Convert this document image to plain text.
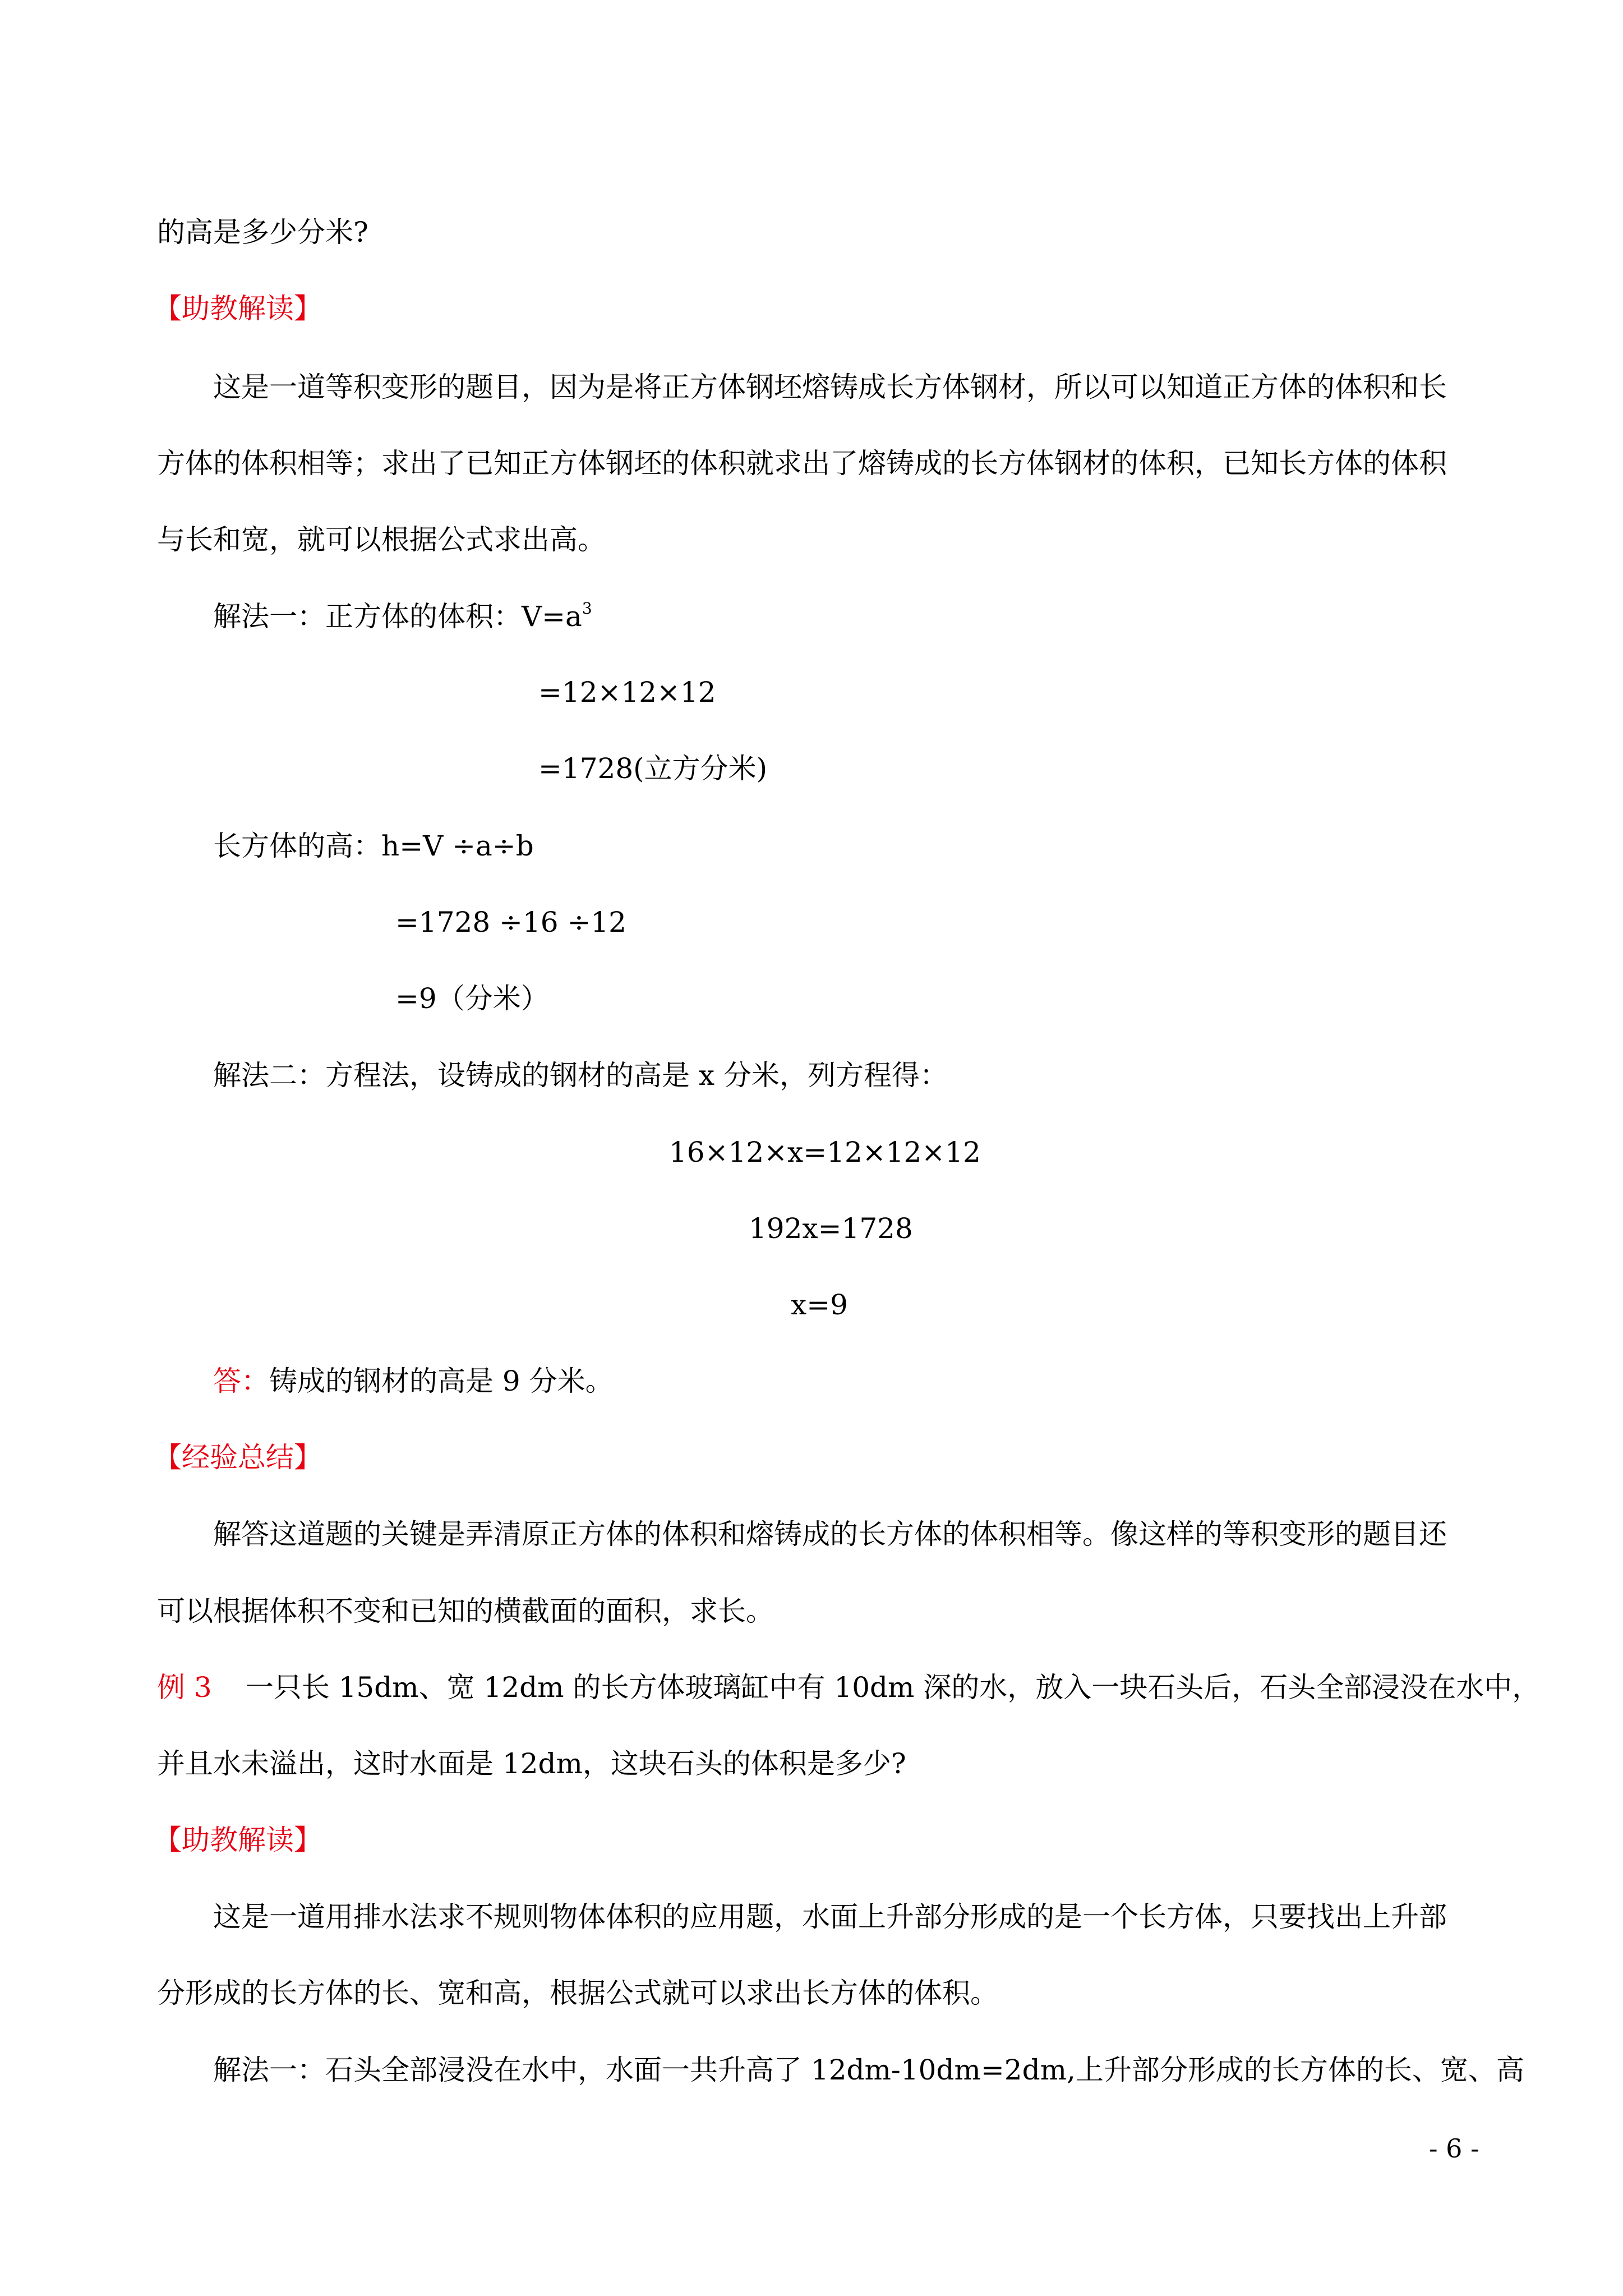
的高是多少分米?
【助教解读】
这是一道等积变形的题目，因为是将正方体钢坯熔铸成长方体钢材，所以可以知道正方体的体积和长
方体的体积相等；求出了已知正方体钢坯的体积就求出了熔铸成的长方体钢材的体积，已知长方体的体积
与长和宽，就可以根据公式求出高。
解法一：正方体的体积：$V=a^3$
=12×12×12
=1728(立方分米)
长方体的高：h=V ÷a÷b
=1728 ÷16 ÷12
=9（分米）
解法二：方程法，设铸成的钢材的高是 x 分米，列方程得：
16×12×x=12×12×12
192x=1728
x=9
答：铸成的钢材的高是 9 分米。
【经验总结】
解答这道题的关键是弄清原正方体的体积和熔铸成的长方体的体积相等。像这样的等积变形的题目还
可以根据体积不变和已知的横截面的面积，求长。
例 3 一只长 15dm、宽 12dm 的长方体玻璃缸中有 10dm 深的水，放入一块石头后，石头全部浸没在水中，
并且水未溢出，这时水面是 12dm，这块石头的体积是多少?
【助教解读】
这是一道用排水法求不规则物体体积的应用题，水面上升部分形成的是一个长方体，只要找出上升部
分形成的长方体的长、宽和高，根据公式就可以求出长方体的体积。
解法一：石头全部浸没在水中，水面一共升高了 12dm-10dm=2dm,上升部分形成的长方体的长、宽、高
- 6 -
